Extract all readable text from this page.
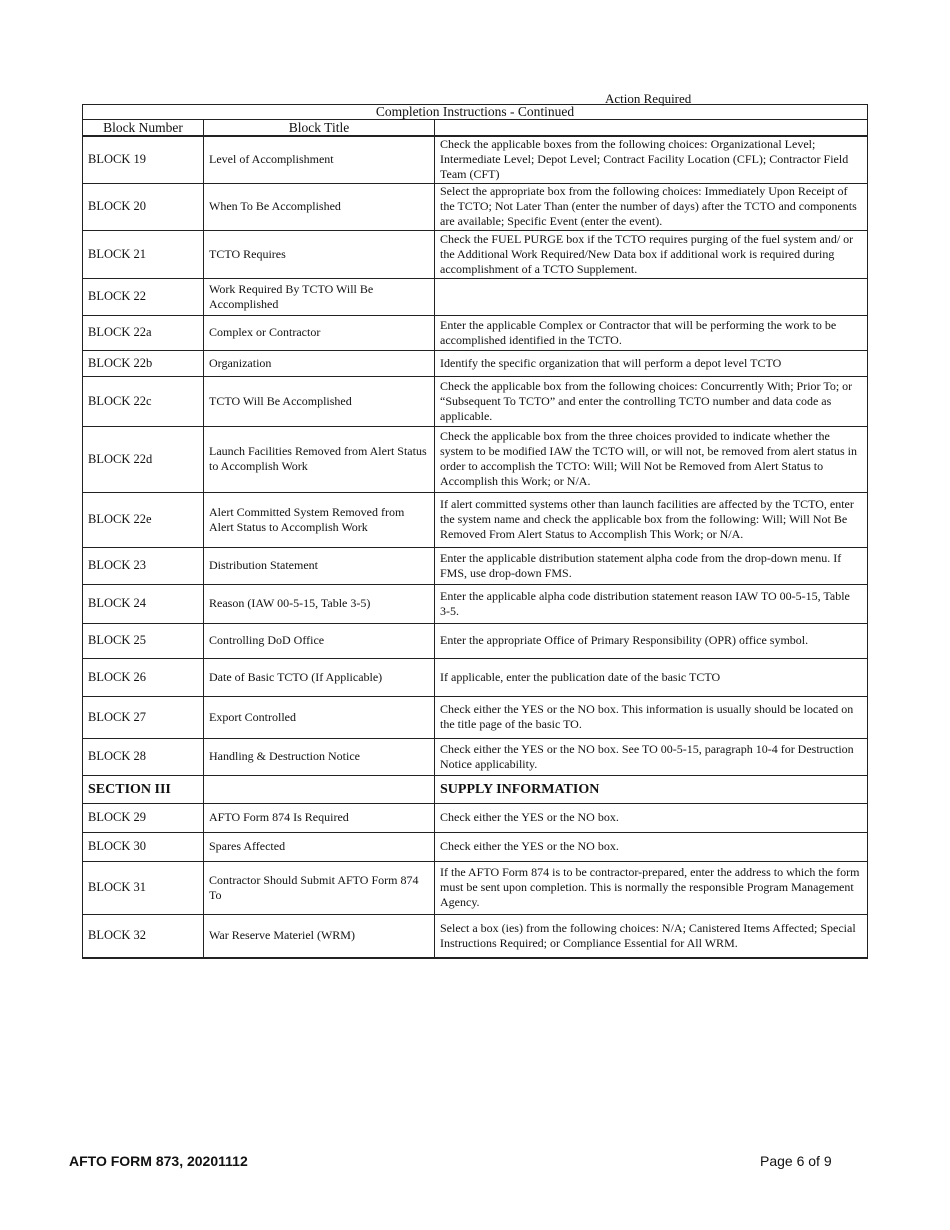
Action Required
Completion Instructions - Continued		
Block Number	Block Title	
BLOCK 19	Level of Accomplishment	Check the applicable boxes from the following choices: Organizational Level; Intermediate Level; Depot Level; Contract Facility Location (CFL); Contractor Field Team (CFT)
BLOCK 20	When To Be Accomplished	Select the appropriate box from the following choices: Immediately Upon Receipt of the TCTO; Not Later Than (enter the number of days) after the TCTO and components are available; Specific Event (enter the event).
BLOCK 21	TCTO Requires	Check the FUEL PURGE box if the TCTO requires purging of the fuel system and/ or the Additional Work Required/New Data box if additional work is required during accomplishment of a TCTO Supplement.
BLOCK 22	Work Required By TCTO Will Be Accomplished	
BLOCK 22a	Complex or Contractor	Enter the applicable Complex or Contractor that will be performing the work to be accomplished identified in the TCTO.
BLOCK 22b	Organization	Identify the specific organization that will perform a depot level TCTO
BLOCK 22c	TCTO Will Be Accomplished	Check the applicable box from the following choices: Concurrently With; Prior To; or “Subsequent To TCTO” and enter the controlling TCTO number and data code as applicable.
BLOCK 22d	Launch Facilities Removed from Alert Status to Accomplish Work	Check the applicable box from the three choices provided to indicate whether the system to be modified IAW the TCTO will, or will not, be removed from alert status in order to accomplish the TCTO: Will; Will Not be Removed from Alert Status to Accomplish this Work; or N/A.
BLOCK 22e	Alert Committed System Removed from Alert Status to Accomplish Work	If alert committed systems other than launch facilities are affected by the TCTO, enter the system name and check the applicable box from the following: Will; Will Not Be Removed From Alert Status to Accomplish This Work; or N/A.
BLOCK 23	Distribution Statement	Enter the applicable distribution statement alpha code from the drop-down menu. If FMS, use drop-down FMS.
BLOCK 24	Reason (IAW 00-5-15, Table 3-5)	Enter the applicable alpha code distribution statement reason IAW TO 00-5-15, Table 3-5.
BLOCK 25	Controlling DoD Office	Enter the appropriate Office of Primary Responsibility (OPR) office symbol.
BLOCK 26	Date of Basic TCTO (If Applicable)	If applicable, enter the publication date of the basic TCTO
BLOCK 27	Export Controlled	Check either the YES or the NO box. This information is usually should be located on the title page of the basic TO.
BLOCK 28	Handling & Destruction Notice	Check either the YES or the NO box. See TO 00-5-15, paragraph 10-4 for Destruction Notice applicability.
SECTION III		SUPPLY INFORMATION
BLOCK 29	AFTO Form 874 Is Required	Check either the YES or the NO box.
BLOCK 30	Spares Affected	Check either the YES or the NO box.
BLOCK 31	Contractor Should Submit AFTO Form 874 To	If the AFTO Form 874 is to be contractor-prepared, enter the address to which the form must be sent upon completion. This is normally the responsible Program Management Agency.
BLOCK 32	War Reserve Materiel (WRM)	Select a box (ies) from the following choices: N/A; Canistered Items Affected; Special Instructions Required; or Compliance Essential for All WRM.
AFTO FORM 873, 20201112	Page 6 of 9
